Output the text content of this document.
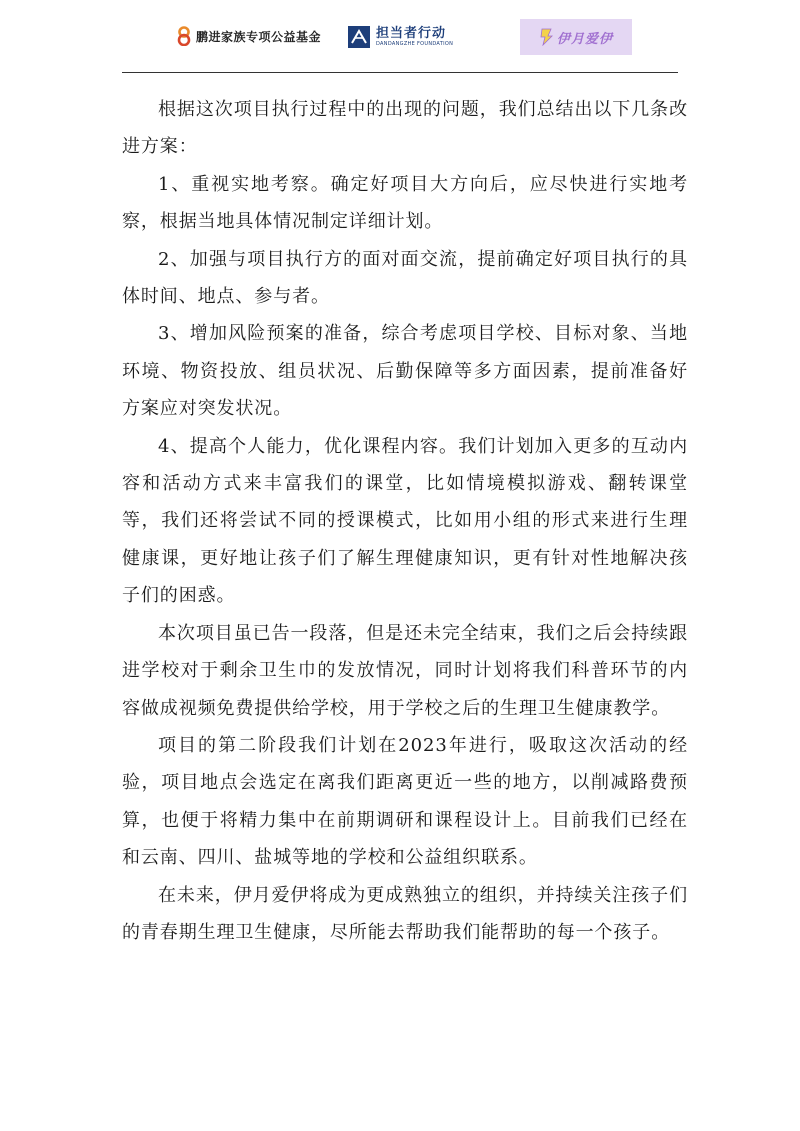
鹏进家族专项公益基金	担当者行动
DANDANGZHE FOUNDATION	伊月爱伊

根据这次项目执行过程中的出现的问题，我们总结出以下几条改进方案：

1、重视实地考察。确定好项目大方向后，应尽快进行实地考察，根据当地具体情况制定详细计划。

2、加强与项目执行方的面对面交流，提前确定好项目执行的具体时间、地点、参与者。

3、增加风险预案的准备，综合考虑项目学校、目标对象、当地环境、物资投放、组员状况、后勤保障等多方面因素，提前准备好方案应对突发状况。

4、提高个人能力，优化课程内容。我们计划加入更多的互动内容和活动方式来丰富我们的课堂，比如情境模拟游戏、翻转课堂等，我们还将尝试不同的授课模式，比如用小组的形式来进行生理健康课，更好地让孩子们了解生理健康知识，更有针对性地解决孩子们的困惑。

本次项目虽已告一段落，但是还未完全结束，我们之后会持续跟进学校对于剩余卫生巾的发放情况，同时计划将我们科普环节的内容做成视频免费提供给学校，用于学校之后的生理卫生健康教学。

项目的第二阶段我们计划在2023年进行，吸取这次活动的经验，项目地点会选定在离我们距离更近一些的地方，以削减路费预算，也便于将精力集中在前期调研和课程设计上。目前我们已经在和云南、四川、盐城等地的学校和公益组织联系。

在未来，伊月爱伊将成为更成熟独立的组织，并持续关注孩子们的青春期生理卫生健康，尽所能去帮助我们能帮助的每一个孩子。
